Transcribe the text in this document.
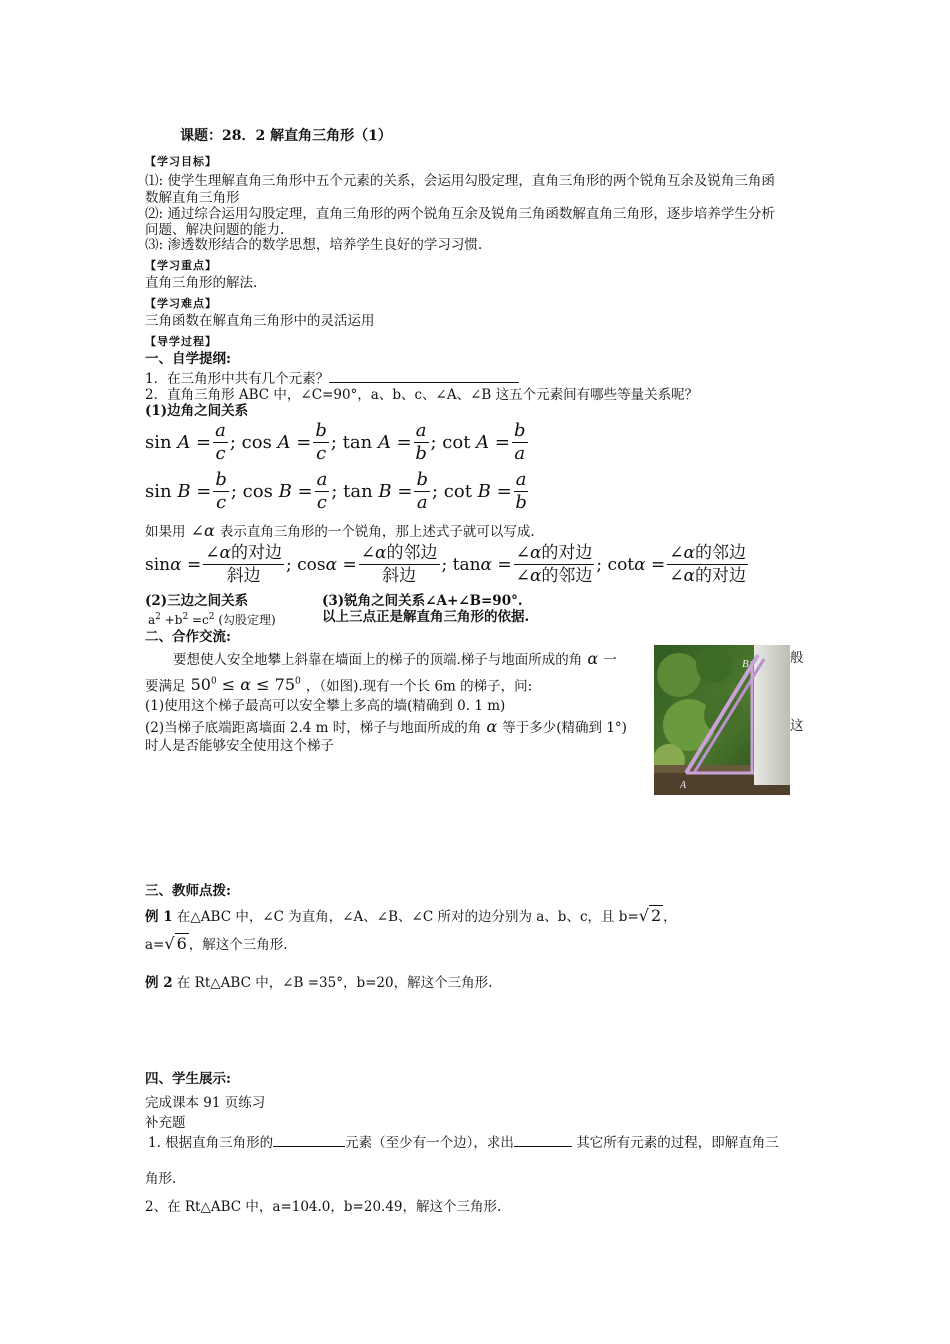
课题：28．2 解直角三角形（1）
【学习目标】
⑴: 使学生理解直角三角形中五个元素的关系，会运用勾股定理，直角三角形的两个锐角互余及锐角三角函
数解直角三角形
⑵: 通过综合运用勾股定理，直角三角形的两个锐角互余及锐角三角函数解直角三角形，逐步培养学生分析
问题、解决问题的能力.
⑶: 渗透数形结合的数学思想，培养学生良好的学习习惯.
【学习重点】
直角三角形的解法.
【学习难点】
三角函数在解直角三角形中的灵活运用
【导学过程】
一、自学提纲:
1．在三角形中共有几个元素？
2．直角三角形 ABC 中，∠C=90°，a、b、c、∠A、∠B 这五个元素间有哪些等量关系呢？
(1)边角之间关系
$\sin A = \frac{a}{c}$ ; $\cos A = \frac{b}{c}$ ; $\tan A = \frac{a}{b}$ ; $\cot A = \frac{b}{a}$
$\sin B = \frac{b}{c}$ ; $\cos B = \frac{a}{c}$ ; $\tan B = \frac{b}{a}$ ; $\cot B = \frac{a}{b}$
如果用 ∠α 表示直角三角形的一个锐角，那上述式子就可以写成.
$\sin\alpha = \frac{\text{∠α的对边}}{\text{斜边}}$ ; $\cos\alpha = \frac{\text{∠α的邻边}}{\text{斜边}}$ ; $\tan\alpha = \frac{\text{∠α的对边}}{\text{∠α的邻边}}$ ; $\cot\alpha = \frac{\text{∠α的邻边}}{\text{∠α的对边}}$
(2)三边之间关系	(3)锐角之间关系∠A+∠B=90°.
$a^2 +b^2 =c^2$ (勾股定理)	以上三点正是解直角三角形的依据.
二、合作交流:
要想使人安全地攀上斜靠在墙面上的梯子的顶端.梯子与地面所成的角 α 一	般
要满足 $50^0 \le \alpha \le 75^0$ ，（如图).现有一个长 6m 的梯子，问:
(1)使用这个梯子最高可以安全攀上多高的墙(精确到 0. 1 m)
(2)当梯子底端距离墙面 2.4 m 时，梯子与地面所成的角 α 等于多少(精确到 1°)	这
时人是否能够安全使用这个梯子
B
A
三、教师点拨:
例 1 在△ABC 中，∠C 为直角，∠A、∠B、∠C 所对的边分别为 a、b、c，且 b=√ 2 ，
a=√ 6 ，解这个三角形.
例 2 在 Rt△ABC 中，∠B =35°，b=20，解这个三角形.
四、学生展示:
完成课本 91 页练习
补充题
1. 根据直角三角形的	元素（至少有一个边），求出	其它所有元素的过程，即解直角三
角形.
2、在 Rt△ABC 中，a=104.0，b=20.49，解这个三角形.
